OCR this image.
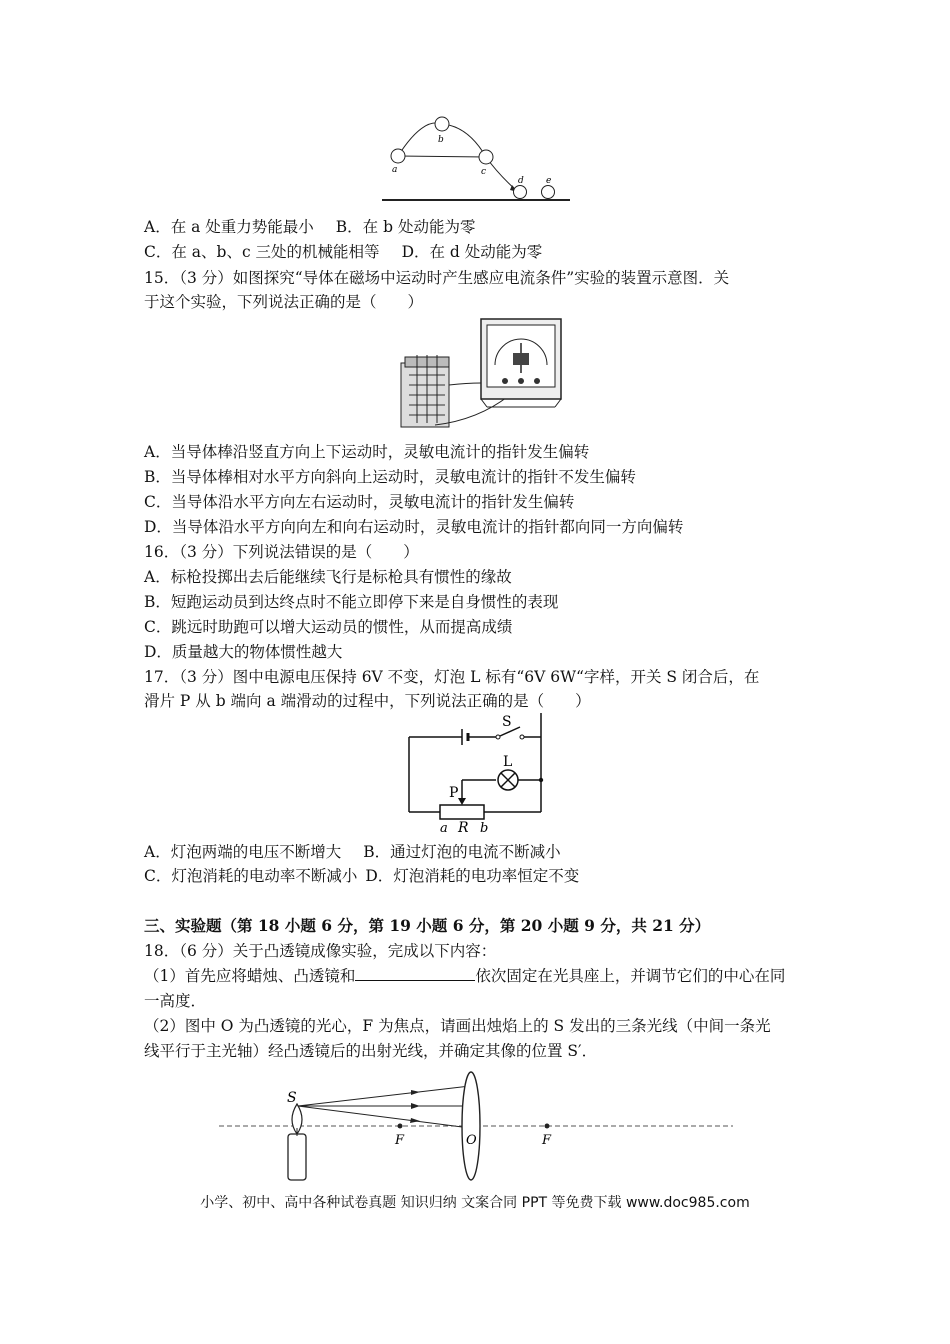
a
b
c
d e
A．在 a 处重力势能最小 B．在 b 处动能为零
C．在 a、b、c 三处的机械能相等 D．在 d 处动能为零
15．（3 分）如图探究“导体在磁场中运动时产生感应电流条件”实验的装置示意图．关
于这个实验，下列说法正确的是（　　）
A．当导体棒沿竖直方向上下运动时，灵敏电流计的指针发生偏转
B．当导体棒相对水平方向斜向上运动时，灵敏电流计的指针不发生偏转
C．当导体沿水平方向左右运动时，灵敏电流计的指针发生偏转
D．当导体沿水平方向向左和向右运动时，灵敏电流计的指针都向同一方向偏转
16．（3 分）下列说法错误的是（　　）
A．标枪投掷出去后能继续飞行是标枪具有惯性的缘故
B．短跑运动员到达终点时不能立即停下来是自身惯性的表现
C．跳远时助跑可以增大运动员的惯性，从而提高成绩
D．质量越大的物体惯性越大
17．（3 分）图中电源电压保持 6V 不变，灯泡 L 标有“6V 6W“字样，开关 S 闭合后，在
滑片 P 从 b 端向 a 端滑动的过程中，下列说法正确的是（　　）
S
L
P
a R b
A．灯泡两端的电压不断增大 B．通过灯泡的电流不断减小
C．灯泡消耗的电动率不断减小 D．灯泡消耗的电功率恒定不变
三、实验题（第 18 小题 6 分，第 19 小题 6 分，第 20 小题 9 分，共 21 分）
18．（6 分）关于凸透镜成像实验，完成以下内容：
（1）首先应将蜡烛、凸透镜和	依次固定在光具座上，并调节它们的中心在同
一高度．
（2）图中 O 为凸透镜的光心，F 为焦点，请画出烛焰上的 S 发出的三条光线（中间一条光
线平行于主光轴）经凸透镜后的出射光线，并确定其像的位置 S′．
S
F	O	F
小学、初中、高中各种试卷真题 知识归纳 文案合同 PPT 等免费下载 www.doc985.com
